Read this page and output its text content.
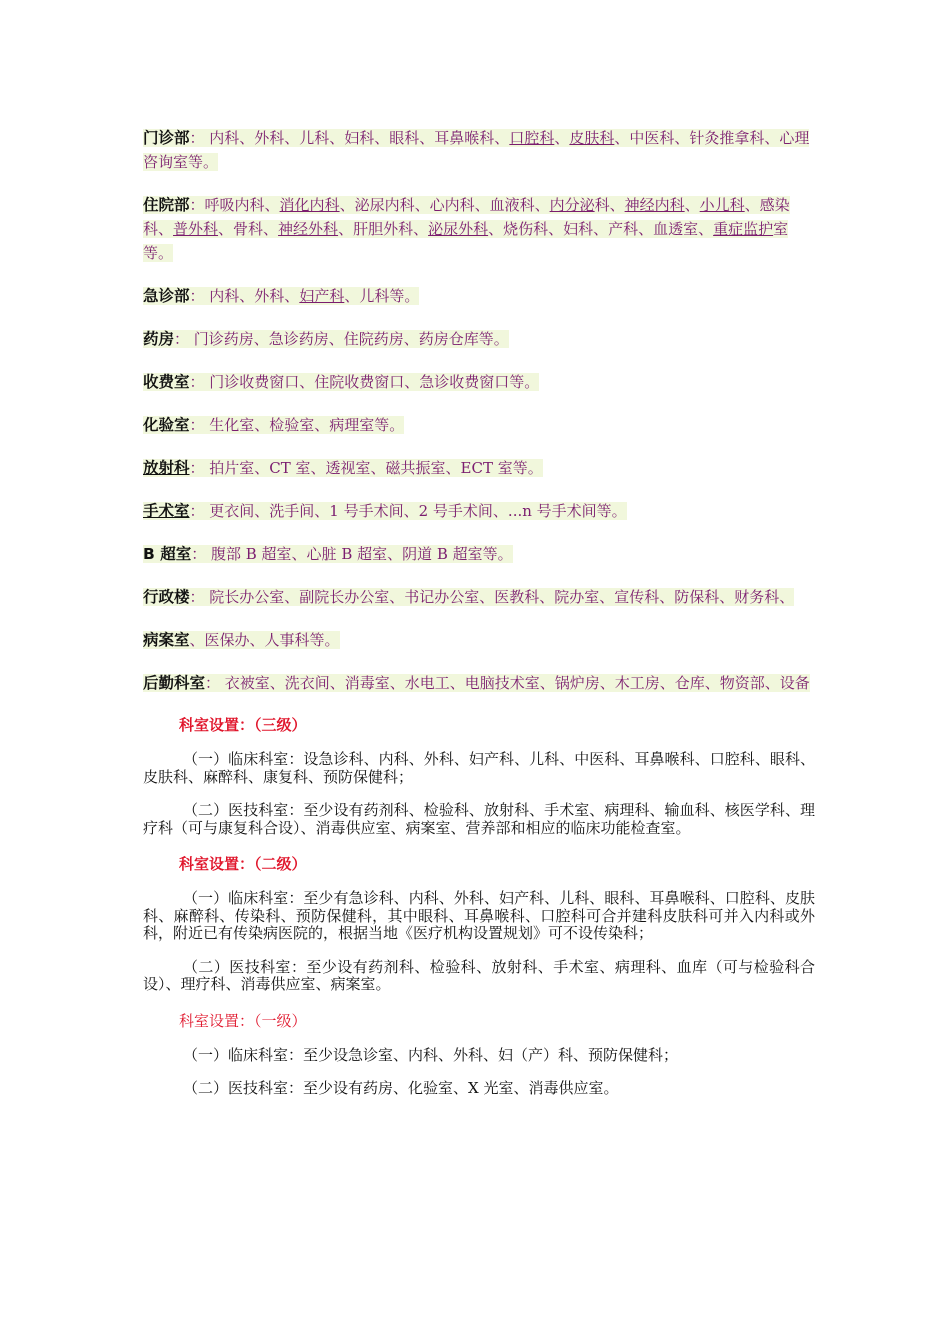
门诊部： 内科、外科、儿科、妇科、眼科、耳鼻喉科、口腔科、皮肤科、中医科、针灸推拿科、心理咨询室等。

住院部：呼吸内科、消化内科、泌尿内科、心内科、血液科、内分泌科、神经内科、小儿科、感染科、普外科、骨科、神经外科、肝胆外科、泌尿外科、烧伤科、妇科、产科、血透室、重症监护室等。

急诊部： 内科、外科、妇产科、儿科等。

药房： 门诊药房、急诊药房、住院药房、药房仓库等。

收费室： 门诊收费窗口、住院收费窗口、急诊收费窗口等。

化验室： 生化室、检验室、病理室等。

放射科： 拍片室、CT 室、透视室、磁共振室、ECT 室等。

手术室： 更衣间、洗手间、1 号手术间、2 号手术间、...n 号手术间等。

B 超室： 腹部 B 超室、心脏 B 超室、阴道 B 超室等。

行政楼： 院长办公室、副院长办公室、书记办公室、医教科、院办室、宣传科、防保科、财务科、

病案室、医保办、人事科等。

后勤科室： 衣被室、洗衣间、消毒室、水电工、电脑技术室、锅炉房、木工房、仓库、物资部、设备

科室设置：（三级）

（一）临床科室：设急诊科、内科、外科、妇产科、儿科、中医科、耳鼻喉科、口腔科、眼科、皮肤科、麻醉科、康复科、预防保健科；

（二）医技科室：至少设有药剂科、检验科、放射科、手术室、病理科、输血科、核医学科、理疗科（可与康复科合设）、消毒供应室、病案室、营养部和相应的临床功能检查室。

科室设置：（二级）

（一）临床科室：至少有急诊科、内科、外科、妇产科、儿科、眼科、耳鼻喉科、口腔科、皮肤科、麻醉科、传染科、预防保健科，其中眼科、耳鼻喉科、口腔科可合并建科皮肤科可并入内科或外科，附近已有传染病医院的，根据当地《医疗机构设置规划》可不设传染科；

（二）医技科室：至少设有药剂科、检验科、放射科、手术室、病理科、血库（可与检验科合设）、理疗科、消毒供应室、病案室。

科室设置：（一级）

（一）临床科室：至少设急诊室、内科、外科、妇（产）科、预防保健科；

（二）医技科室：至少设有药房、化验室、X 光室、消毒供应室。
